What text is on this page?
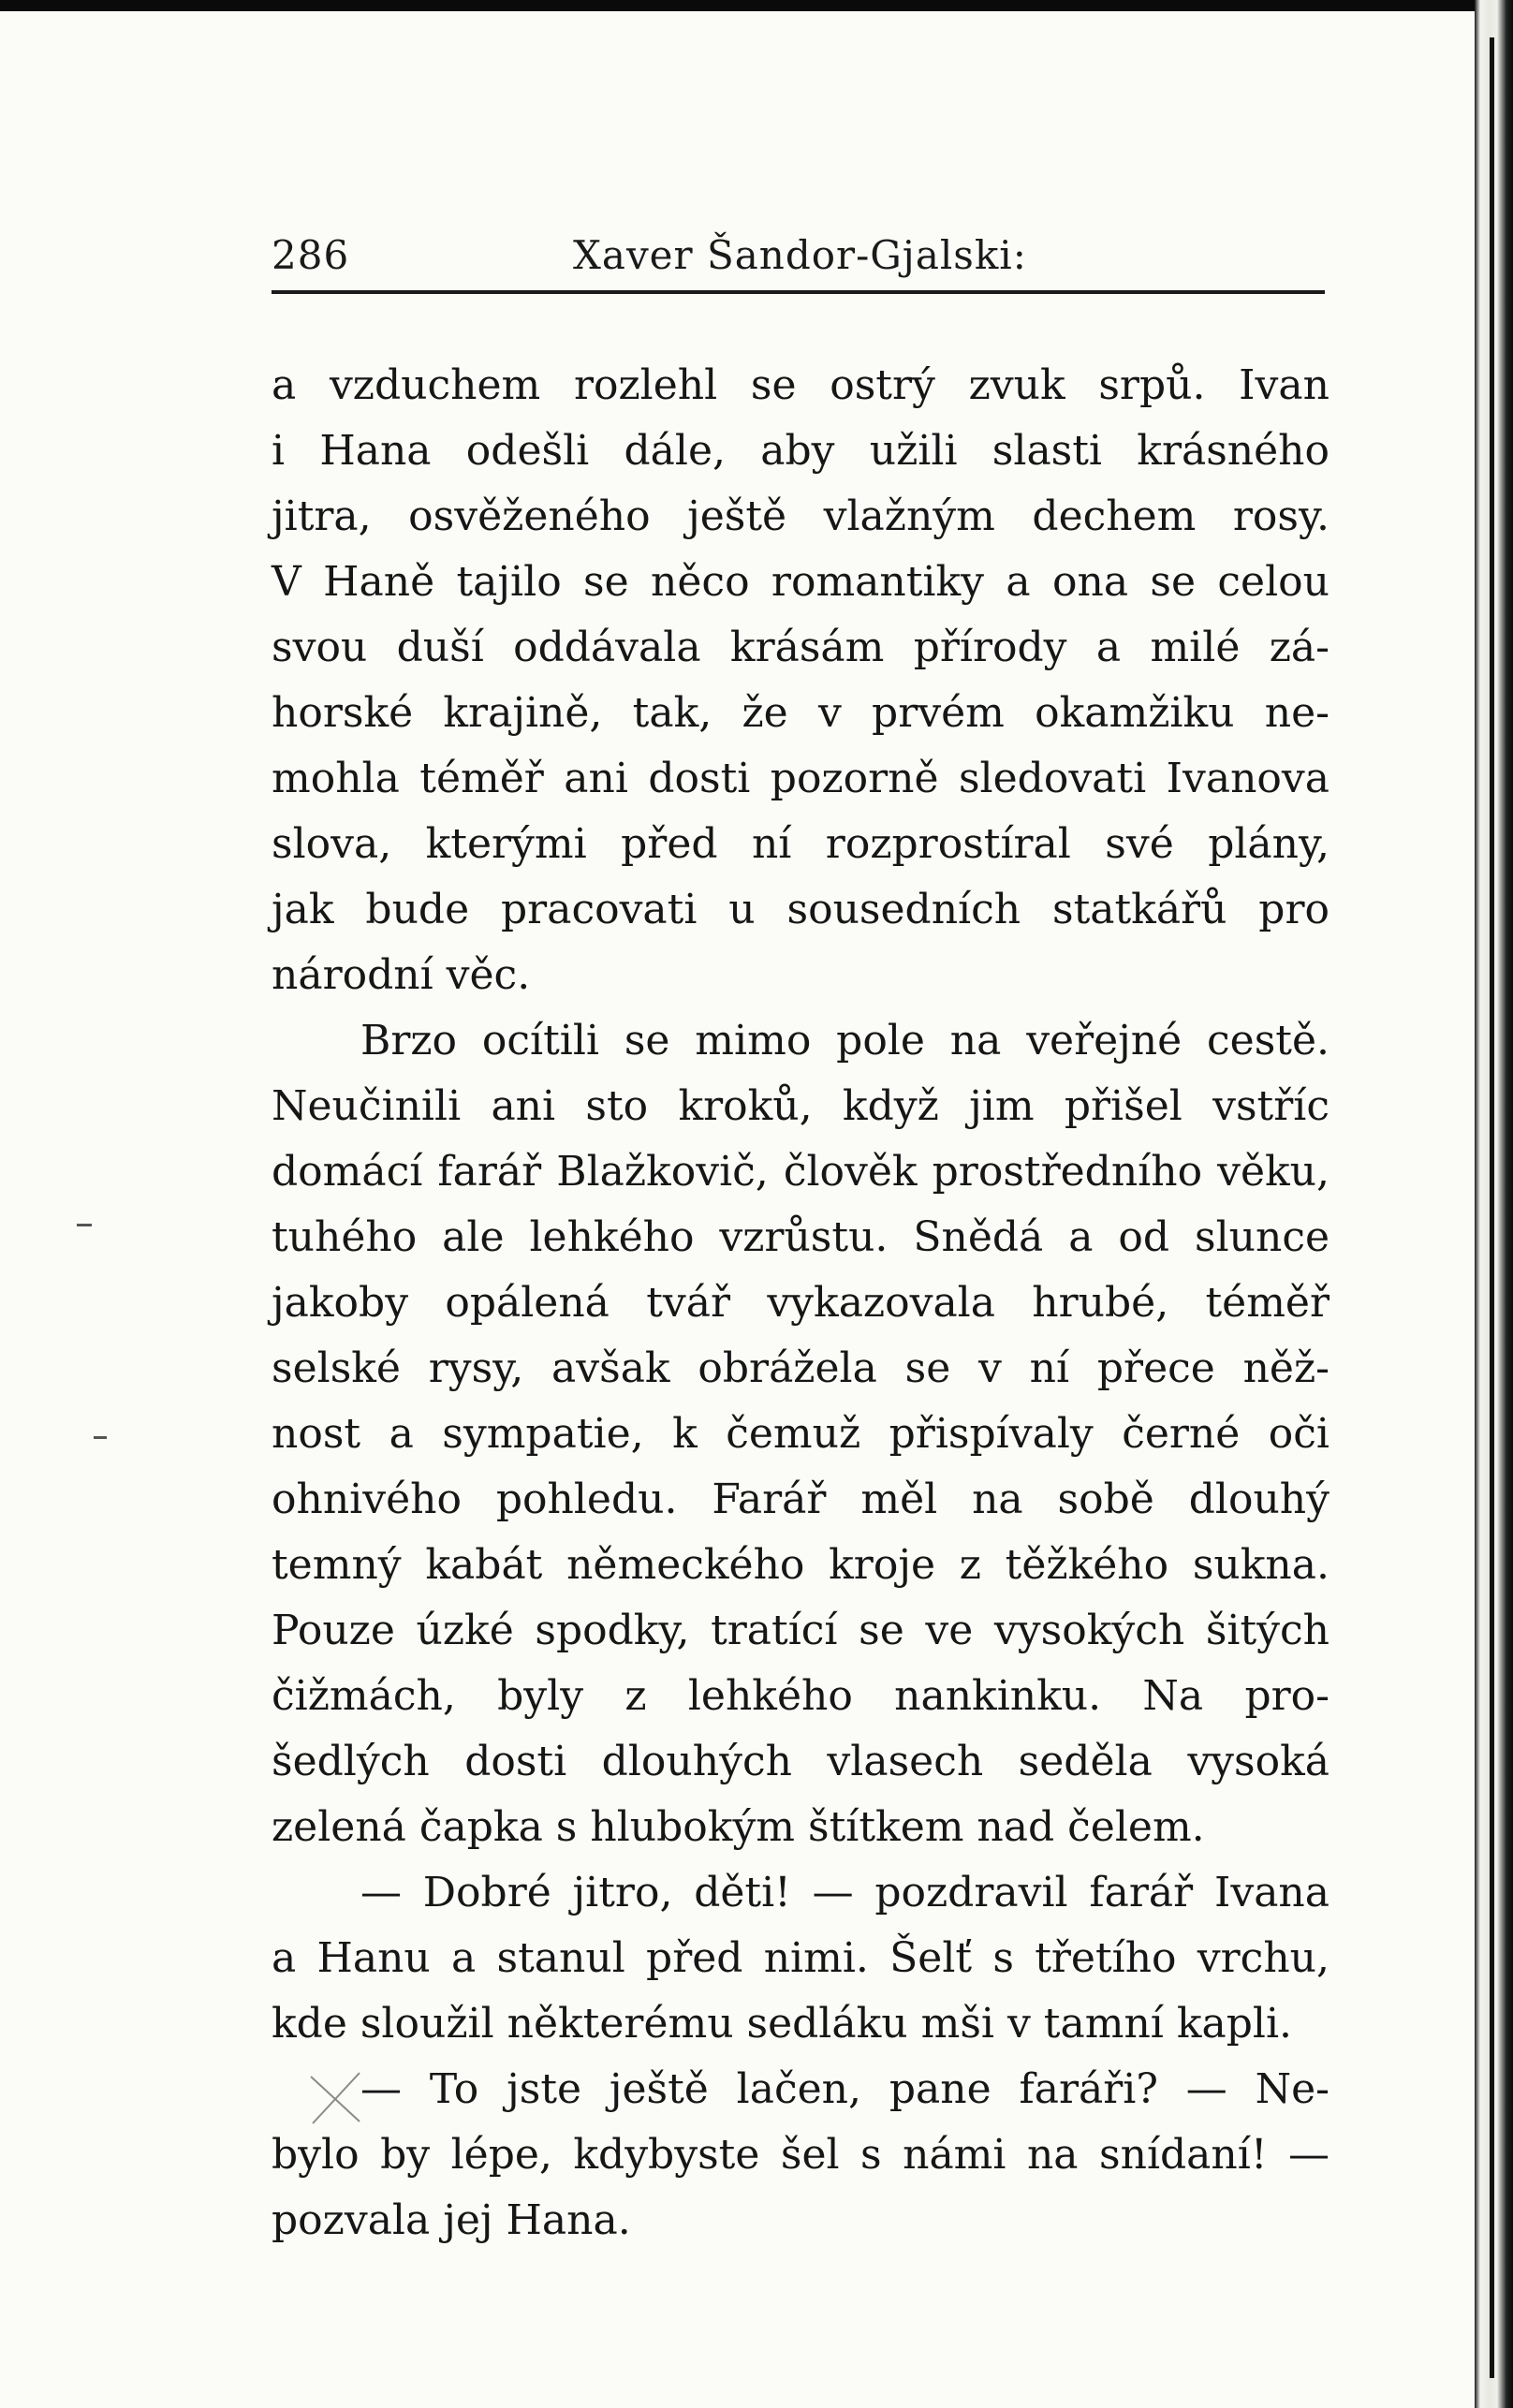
286	Xaver Šandor-Gjalski:
a vzduchem rozlehl se ostrý zvuk srpů. Ivan
i Hana odešli dále, aby užili slasti krásného
jitra, osvěženého ještě vlažným dechem rosy.
V Haně tajilo se něco romantiky a ona se celou
svou duší oddávala krásám přírody a milé zá-
horské krajině, tak, že v prvém okamžiku ne-
mohla téměř ani dosti pozorně sledovati Ivanova
slova, kterými před ní rozprostíral své plány,
jak bude pracovati u sousedních statkářů pro
národní věc.
Brzo ocítili se mimo pole na veřejné cestě.
Neučinili ani sto kroků, když jim přišel vstříc
domácí farář Blažkovič, člověk prostředního věku,
tuhého ale lehkého vzrůstu. Snědá a od slunce
jakoby opálená tvář vykazovala hrubé, téměř
selské rysy, avšak obrážela se v ní přece něž-
nost a sympatie, k čemuž přispívaly černé oči
ohnivého pohledu. Farář měl na sobě dlouhý
temný kabát německého kroje z těžkého sukna.
Pouze úzké spodky, tratící se ve vysokých šitých
čižmách, byly z lehkého nankinku. Na pro-
šedlých dosti dlouhých vlasech seděla vysoká
zelená čapka s hlubokým štítkem nad čelem.
— Dobré jitro, děti! — pozdravil farář Ivana
a Hanu a stanul před nimi. Šelť s třetího vrchu,
kde sloužil některému sedláku mši v tamní kapli.
— To jste ještě lačen, pane faráři? — Ne-
bylo by lépe, kdybyste šel s námi na snídaní! —
pozvala jej Hana.
